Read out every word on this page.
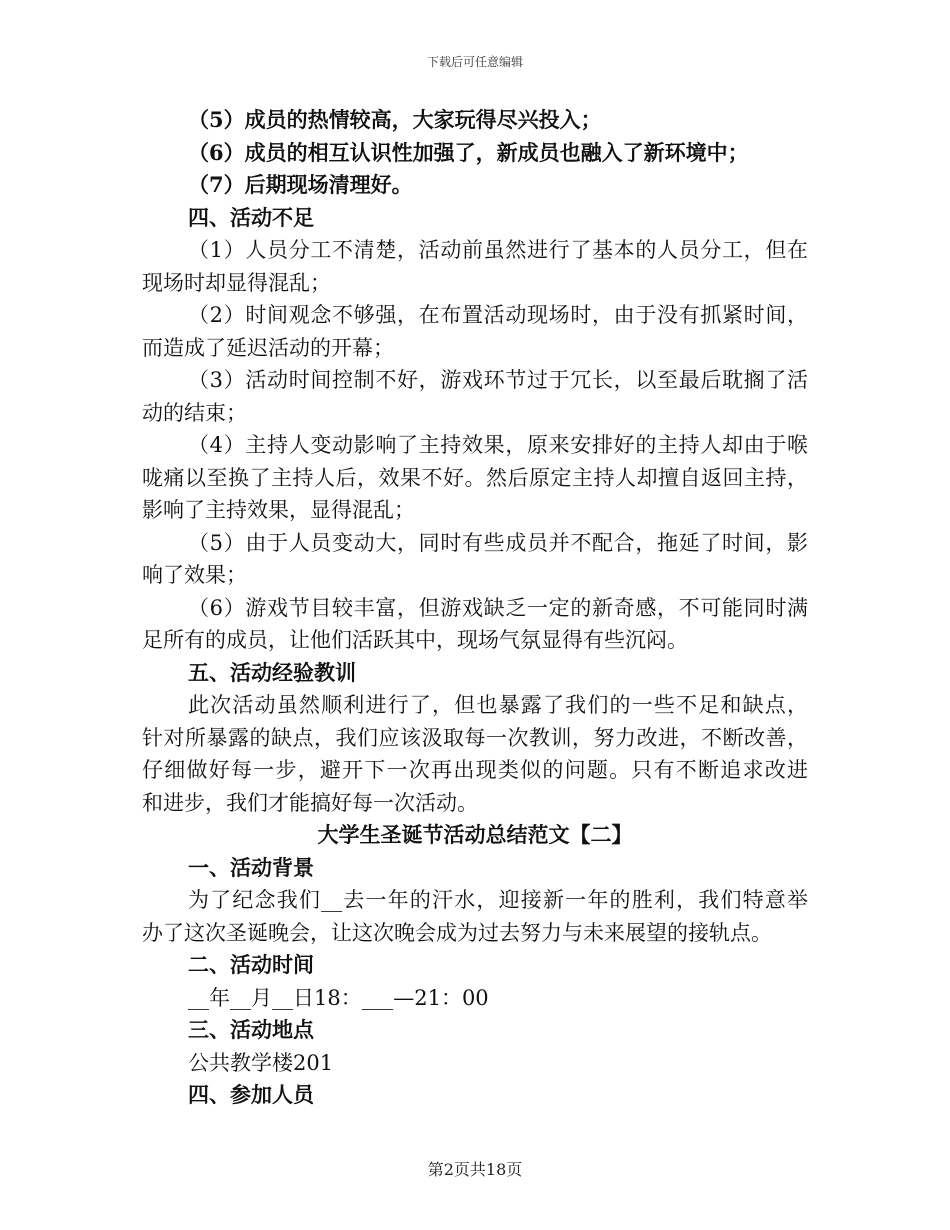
下载后可任意编辑
（5）成员的热情较高，大家玩得尽兴投入；
（6）成员的相互认识性加强了，新成员也融入了新环境中；
（7）后期现场清理好。
四、活动不足
（1）人员分工不清楚，活动前虽然进行了基本的人员分工，但在
现场时却显得混乱；
（2）时间观念不够强，在布置活动现场时，由于没有抓紧时间，
而造成了延迟活动的开幕；
（3）活动时间控制不好，游戏环节过于冗长，以至最后耽搁了活
动的结束；
（4）主持人变动影响了主持效果，原来安排好的主持人却由于喉
咙痛以至换了主持人后，效果不好。然后原定主持人却擅自返回主持，
影响了主持效果，显得混乱；
（5）由于人员变动大，同时有些成员并不配合，拖延了时间，影
响了效果；
（6）游戏节目较丰富，但游戏缺乏一定的新奇感，不可能同时满
足所有的成员，让他们活跃其中，现场气氛显得有些沉闷。
五、活动经验教训
此次活动虽然顺利进行了，但也暴露了我们的一些不足和缺点，
针对所暴露的缺点，我们应该汲取每一次教训，努力改进，不断改善，
仔细做好每一步，避开下一次再出现类似的问题。只有不断追求改进
和进步，我们才能搞好每一次活动。
大学生圣诞节活动总结范文【二】
一、活动背景
为了纪念我们__去一年的汗水，迎接新一年的胜利，我们特意举
办了这次圣诞晚会，让这次晚会成为过去努力与未来展望的接轨点。
二、活动时间
__年__月__日18：___—21：00
三、活动地点
公共教学楼201
四、参加人员
第2页共18页
